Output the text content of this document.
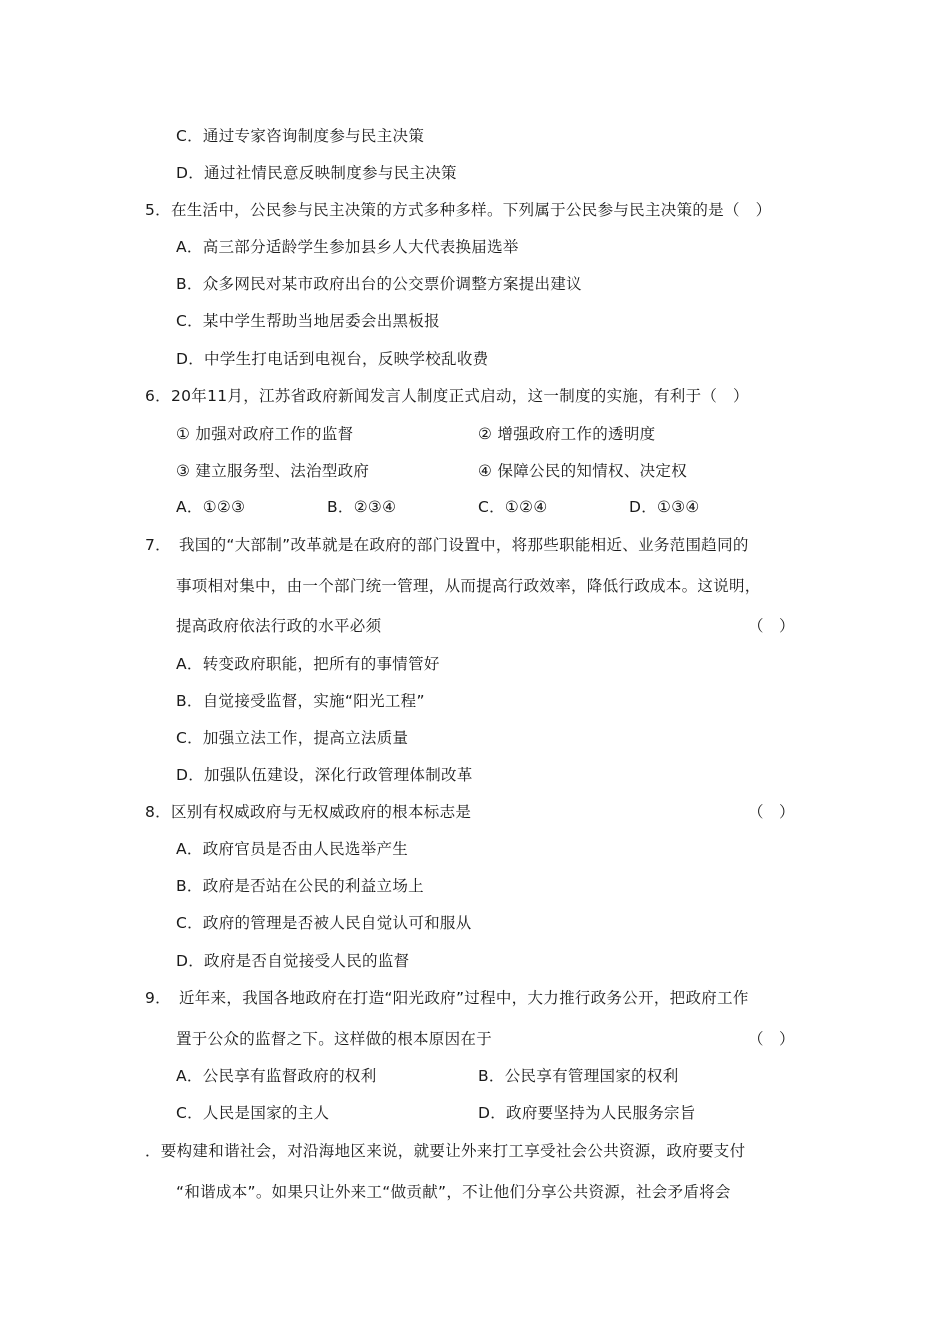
C．通过专家咨询制度参与民主决策
D．通过社情民意反映制度参与民主决策
5．在生活中，公民参与民主决策的方式多种多样。下列属于公民参与民主决策的是（　）
A．高三部分适龄学生参加县乡人大代表换届选举
B．众多网民对某市政府出台的公交票价调整方案提出建议
C．某中学生帮助当地居委会出黑板报
D．中学生打电话到电视台，反映学校乱收费
6．20年11月，江苏省政府新闻发言人制度正式启动，这一制度的实施，有利于（　）
① 加强对政府工作的监督	② 增强政府工作的透明度
③ 建立服务型、法治型政府	④ 保障公民的知情权、决定权
A．①②③	B．②③④	C．①②④	D．①③④
7．　我国的“大部制”改革就是在政府的部门设置中，将那些职能相近、业务范围趋同的
事项相对集中，由一个部门统一管理，从而提高行政效率，降低行政成本。这说明，
提高政府依法行政的水平必须	（　）
A．转变政府职能，把所有的事情管好
B．自觉接受监督，实施“阳光工程”
C．加强立法工作，提高立法质量
D．加强队伍建设，深化行政管理体制改革
8．区别有权威政府与无权威政府的根本标志是	（　）
A．政府官员是否由人民选举产生
B．政府是否站在公民的利益立场上
C．政府的管理是否被人民自觉认可和服从
D．政府是否自觉接受人民的监督
9．　近年来，我国各地政府在打造“阳光政府”过程中，大力推行政务公开，把政府工作
置于公众的监督之下。这样做的根本原因在于	（　）
A．公民享有监督政府的权利	B．公民享有管理国家的权利
C．人民是国家的主人	D．政府要坚持为人民服务宗旨
．要构建和谐社会，对沿海地区来说，就要让外来打工享受社会公共资源，政府要支付
“和谐成本”。如果只让外来工“做贡献”，不让他们分享公共资源，社会矛盾将会
